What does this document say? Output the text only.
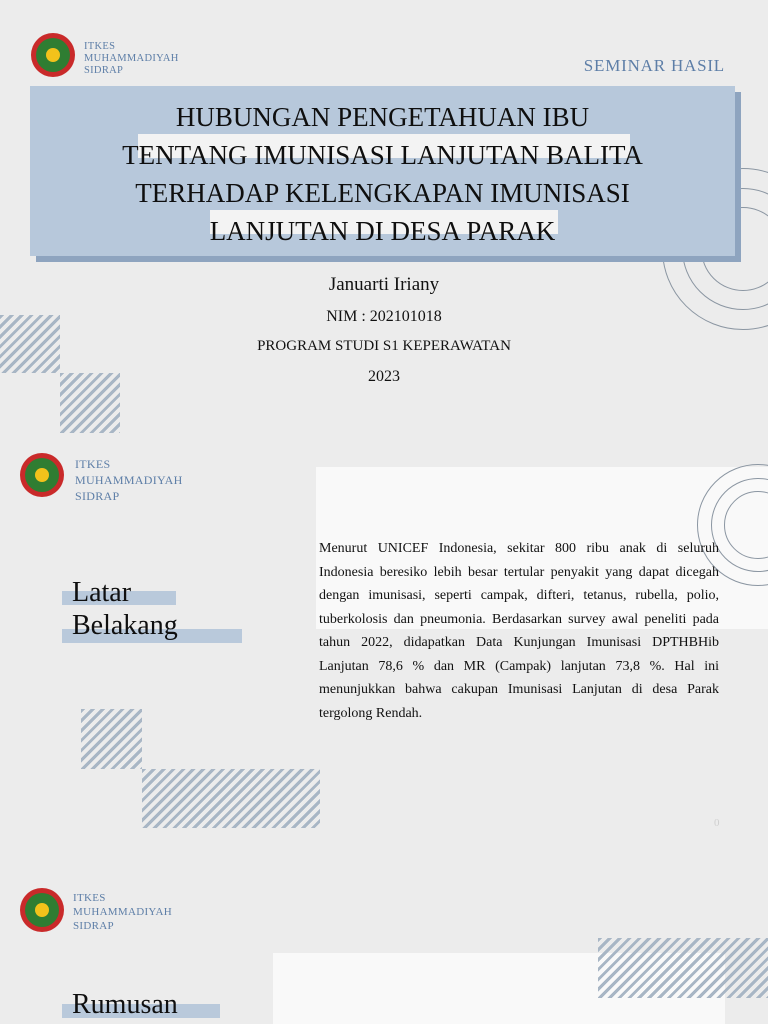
ITKES
MUHAMMADIYAH
SIDRAP	SEMINAR HASIL
HUBUNGAN PENGETAHUAN IBU
TENTANG IMUNISASI LANJUTAN BALITA
TERHADAP KELENGKAPAN IMUNISASI
LANJUTAN DI DESA PARAK
Januarti Iriany
NIM : 202101018
PROGRAM STUDI S1 KEPERAWATAN
2023
ITKES
MUHAMMADIYAH
SIDRAP
Latar
Belakang
Menurut UNICEF Indonesia, sekitar 800 ribu anak di seluruh Indonesia beresiko lebih besar tertular penyakit yang dapat dicegah dengan imunisasi, seperti campak, difteri, tetanus, rubella, polio, tuberkolosis dan pneumonia. Berdasarkan survey awal peneliti pada tahun 2022, didapatkan Data Kunjungan Imunisasi DPTHBHib Lanjutan 78,6 % dan MR (Campak) lanjutan 73,8 %. Hal ini menunjukkan bahwa cakupan Imunisasi Lanjutan di desa Parak tergolong Rendah.
0
ITKES
MUHAMMADIYAH
SIDRAP
Rumusan
